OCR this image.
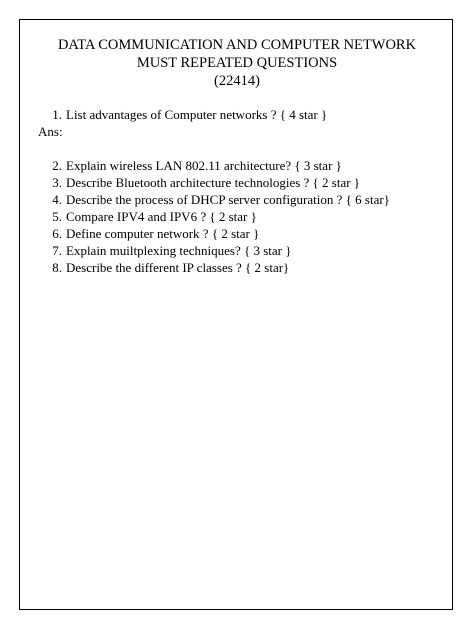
DATA COMMUNICATION AND COMPUTER NETWORK
MUST REPEATED QUESTIONS
(22414)
1. List advantages of Computer networks ? { 4 star }
Ans:
2. Explain wireless LAN 802.11 architecture? { 3 star }
3. Describe Bluetooth architecture technologies ? { 2 star }
4. Describe the process of DHCP server configuration ? { 6 star}
5. Compare IPV4 and IPV6 ? { 2 star }
6. Define computer network ? { 2 star }
7. Explain muiltplexing techniques? { 3 star }
8. Describe the different IP classes ? { 2 star}
